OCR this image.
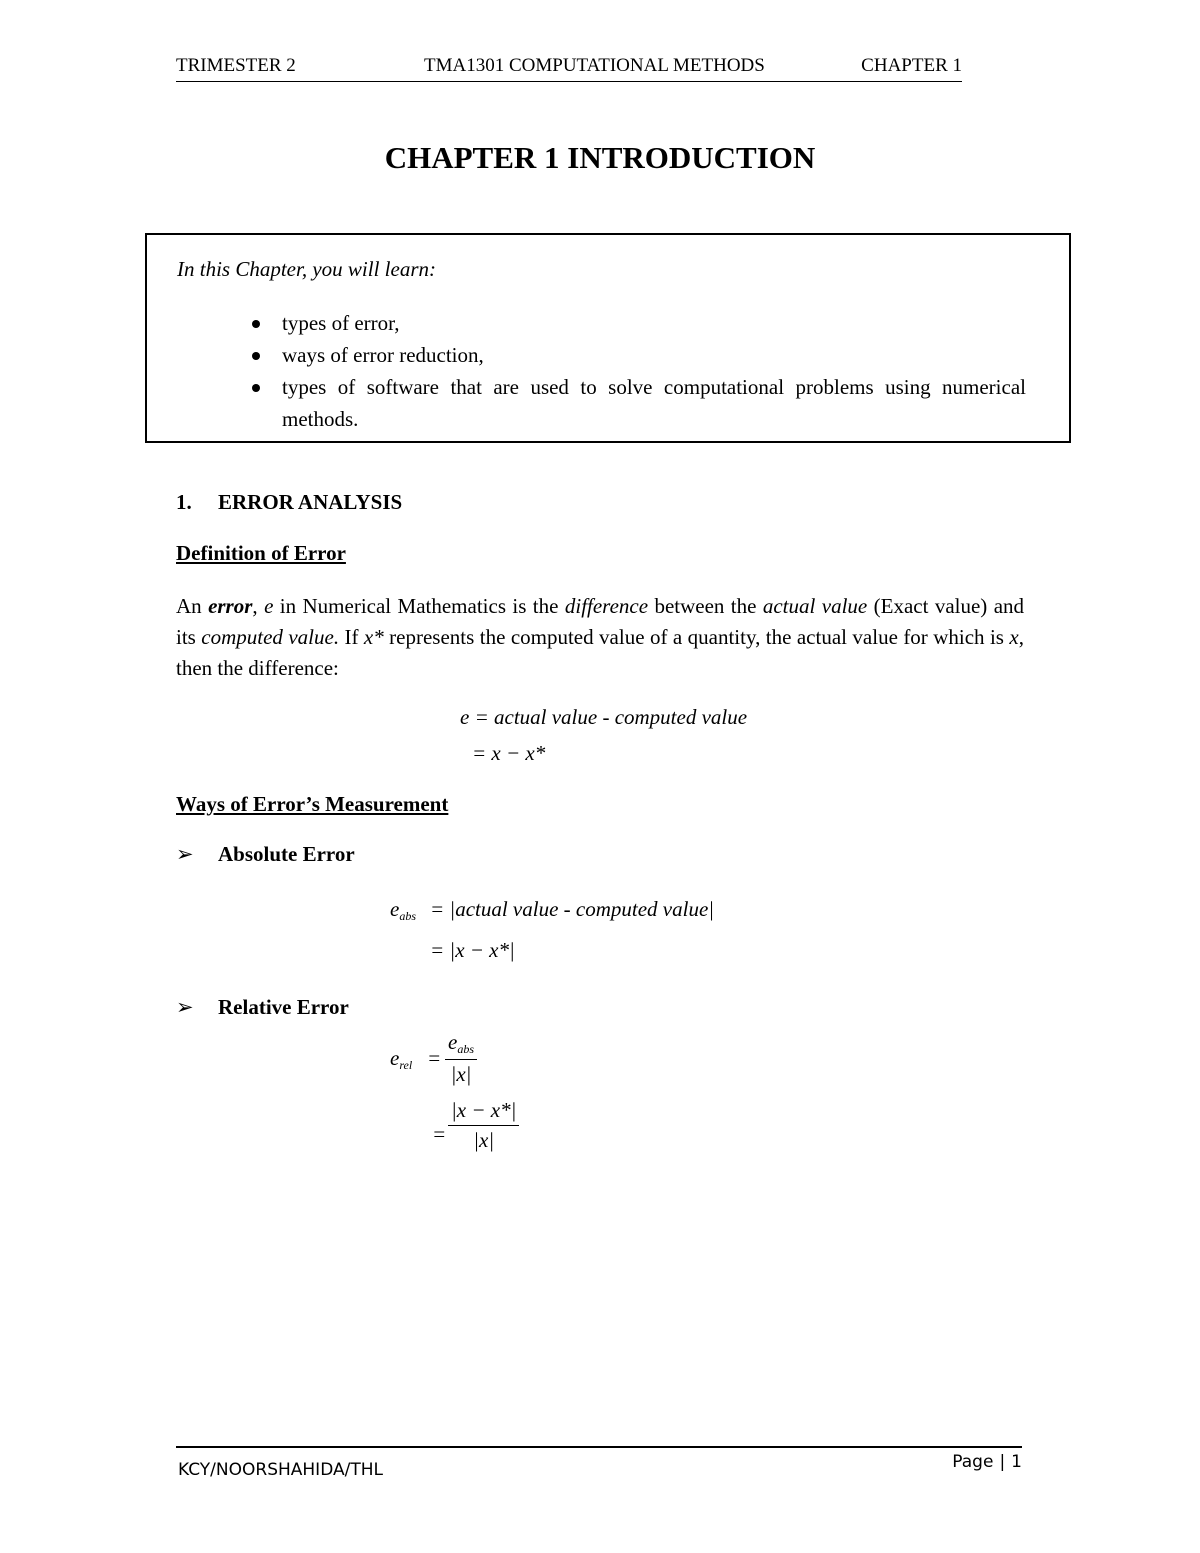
TRIMESTER 2	TMA1301 COMPUTATIONAL METHODS	CHAPTER 1
CHAPTER 1 INTRODUCTION
In this Chapter, you will learn:
types of error,
ways of error reduction,
types of software that are used to solve computational problems using numerical methods.
1. ERROR ANALYSIS
Definition of Error
An error, e in Numerical Mathematics is the difference between the actual value (Exact value) and its computed value. If x* represents the computed value of a quantity, the actual value for which is x, then the difference:
e = actual value - computed value
= x − x*
Ways of Error’s Measurement
➢ Absolute Error
$e_{abs}$ = |actual value - computed value|
= |x − x*|
➢ Relative Error
$e_{rel}$ =
$e_{abs}$
|x|
= $\frac{|x - x*|}{|x|}$
KCY/NOORSHAHIDA/THL	Page | 1
